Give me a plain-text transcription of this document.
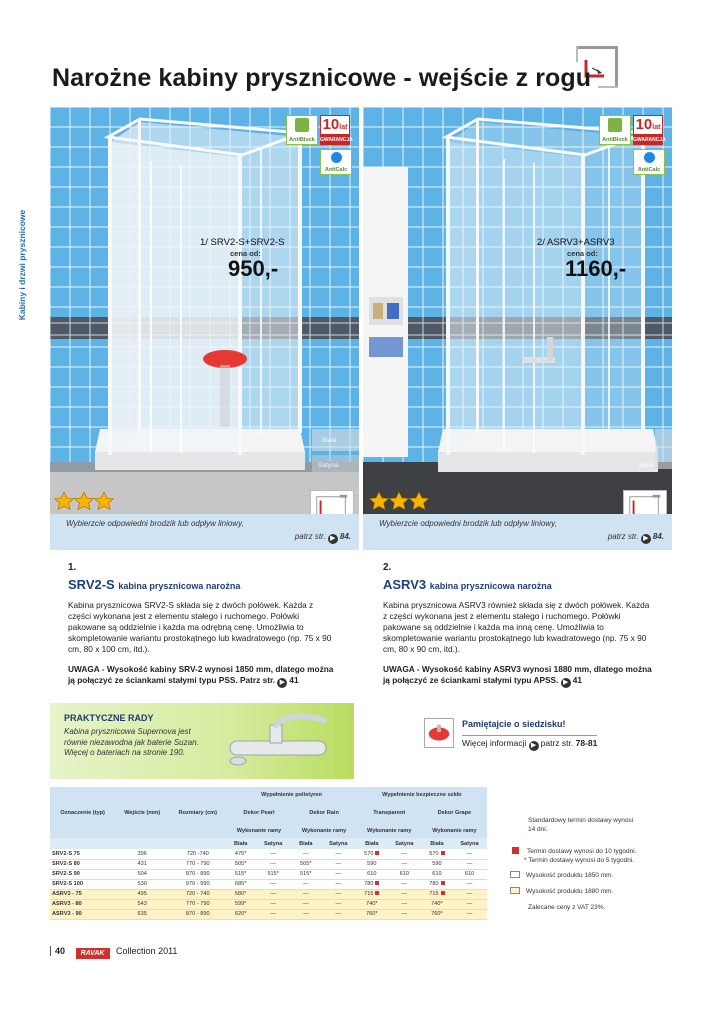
Narożne kabiny prysznicowe - wejście z rogu
Kabiny i drzwi prysznicowe
10lat
GWARANCJA
AntiBlock
AntiCalc
1/ SRV2-S+SRV2-S
cena od:
950,-
Biała
Satyna
Wybierzcie odpowiedni brodzik lub odpływ liniowy,
patrz str. ▶ 84.
10lat
GWARANCJA
AntiBlock
AntiCalc
2/ ASRV3+ASRV3
cena od:
1160,-
Biała
Wybierzcie odpowiedni brodzik lub odpływ liniowy,
patrz str. ▶ 84.
1.
SRV2-S kabina prysznicowa narożna
Kabina prysznicowa SRV2-S składa się z dwóch połówek. Każda z części wykonana jest z elementu stałego i ruchomego. Połówki pakowane są oddzielnie i każda ma odrębną cenę. Umożliwia to skompletowanie wariantu prostokątnego lub kwadratowego (np. 75 x 90 cm, 80 x 100 cm, itd.).
UWAGA - Wysokość kabiny SRV-2 wynosi 1850 mm, dlatego można ją połączyć ze ściankami stałymi typu PSS. Patrz str. ▶ 41
2.
ASRV3 kabina prysznicowa narożna
Kabina prysznicowa ASRV3 również składa się z dwóch połówek. Każda z części wykonana jest z elementu stałego i ruchomego. Połówki pakowane są oddzielnie i każda ma inną cenę. Umożliwia to skompletowanie wariantu prostokątnego lub kwadratowego (np. 75 x 90 cm, 80 x 90 cm, itd.).
UWAGA - Wysokość kabiny ASRV3 wynosi 1880 mm, dlatego można ją połączyć ze ściankami stałymi typu APSS. ▶ 41
PRAKTYCZNE RADY
Kabina prysznicowa Supernova jest równie niezawodna jak baterie Suzan. Więcej o bateriach na stronie 190.
Pamiętajcie o siedzisku!
Więcej informacji ▶ patrz str. 78-81
			Wypełnienie polistyren				Wypełnienie bezpieczne szkło			
Oznaczenie (typ)	Wejście (mm)	Rozmiary (cm)	Dekor Pearl		Dekor Rain		Transparent		Dekor Grape	
			Wykonanie ramy		Wykonanie ramy		Wykonanie ramy		Wykonanie ramy	
			Biała	Satyna	Biała	Satyna	Biała	Satyna	Biała	Satyna
SRV2-S 75	396	720 -740	475*	—	—	—	570	—	570	—
SRV2-S 80	431	770 - 790	505*	—	505*	—	590	—	590	—
SRV2-S 90	504	870 - 890	515*	515*	515*	—	610	610	610	610
SRV2-S 100	530	970 - 990	685*	—	—	—	780	—	780	—
ASRV3 - 75	495	720 - 740	580*	—	—	—	715	—	715	—
ASRV3 - 80	543	770 - 790	599*	—	—	—	740*	—	740*	—
ASRV3 - 90	635	870 - 890	620*	—	—	—	760*	—	760*	—
Standardowy termin dostawy wynosi 14 dni.
Termin dostawy wynosi do 10 tygodni.
* Termin dostawy wynosi do 5 tygodni.
Wysokość produktu 1850 mm.
Wysokość produktu 1880 mm.
Zalecane ceny z VAT 23%.
40 RAVAK Collection 2011
